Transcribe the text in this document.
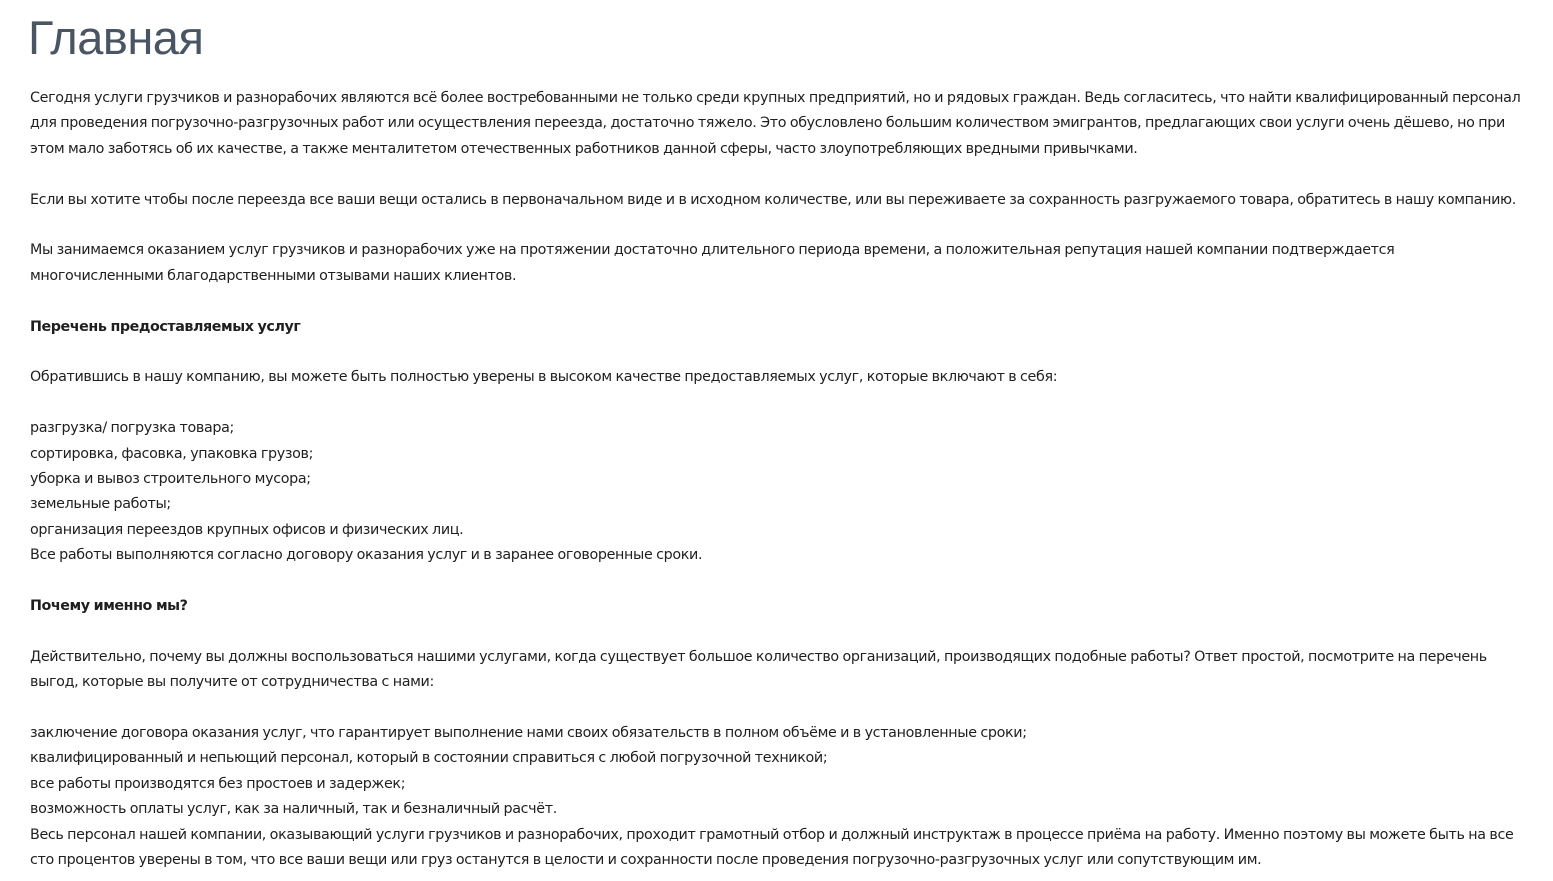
Главная

Сегодня услуги грузчиков и разнорабочих являются всё более востребованными не только среди крупных предприятий, но и рядовых граждан. Ведь согласитесь, что найти квалифицированный персонал для проведения погрузочно-разгрузочных работ или осуществления переезда, достаточно тяжело. Это обусловлено большим количеством эмигрантов, предлагающих свои услуги очень дёшево, но при этом мало заботясь об их качестве, а также менталитетом отечественных работников данной сферы, часто злоупотребляющих вредными привычками.

Если вы хотите чтобы после переезда все ваши вещи остались в первоначальном виде и в исходном количестве, или вы переживаете за сохранность разгружаемого товара, обратитесь в нашу компанию.

Мы занимаемся оказанием услуг грузчиков и разнорабочих уже на протяжении достаточно длительного периода времени, а положительная репутация нашей компании подтверждается многочисленными благодарственными отзывами наших клиентов.

Перечень предоставляемых услуг

Обратившись в нашу компанию, вы можете быть полностью уверены в высоком качестве предоставляемых услуг, которые включают в себя:

разгрузка/ погрузка товара;

сортировка, фасовка, упаковка грузов;

уборка и вывоз строительного мусора;

земельные работы;

организация переездов крупных офисов и физических лиц.

Все работы выполняются согласно договору оказания услуг и в заранее оговоренные сроки.

Почему именно мы?

Действительно, почему вы должны воспользоваться нашими услугами, когда существует большое количество организаций, производящих подобные работы? Ответ простой, посмотрите на перечень выгод, которые вы получите от сотрудничества с нами:

заключение договора оказания услуг, что гарантирует выполнение нами своих обязательств в полном объёме и в установленные сроки;

квалифицированный и непьющий персонал, который в состоянии справиться с любой погрузочной техникой;

все работы производятся без простоев и задержек;

возможность оплаты услуг, как за наличный, так и безналичный расчёт.

Весь персонал нашей компании, оказывающий услуги грузчиков и разнорабочих, проходит грамотный отбор и должный инструктаж в процессе приёма на работу. Именно поэтому вы можете быть на все сто процентов уверены в том, что все ваши вещи или груз останутся в целости и сохранности после проведения погрузочно-разгрузочных услуг или сопутствующим им.
